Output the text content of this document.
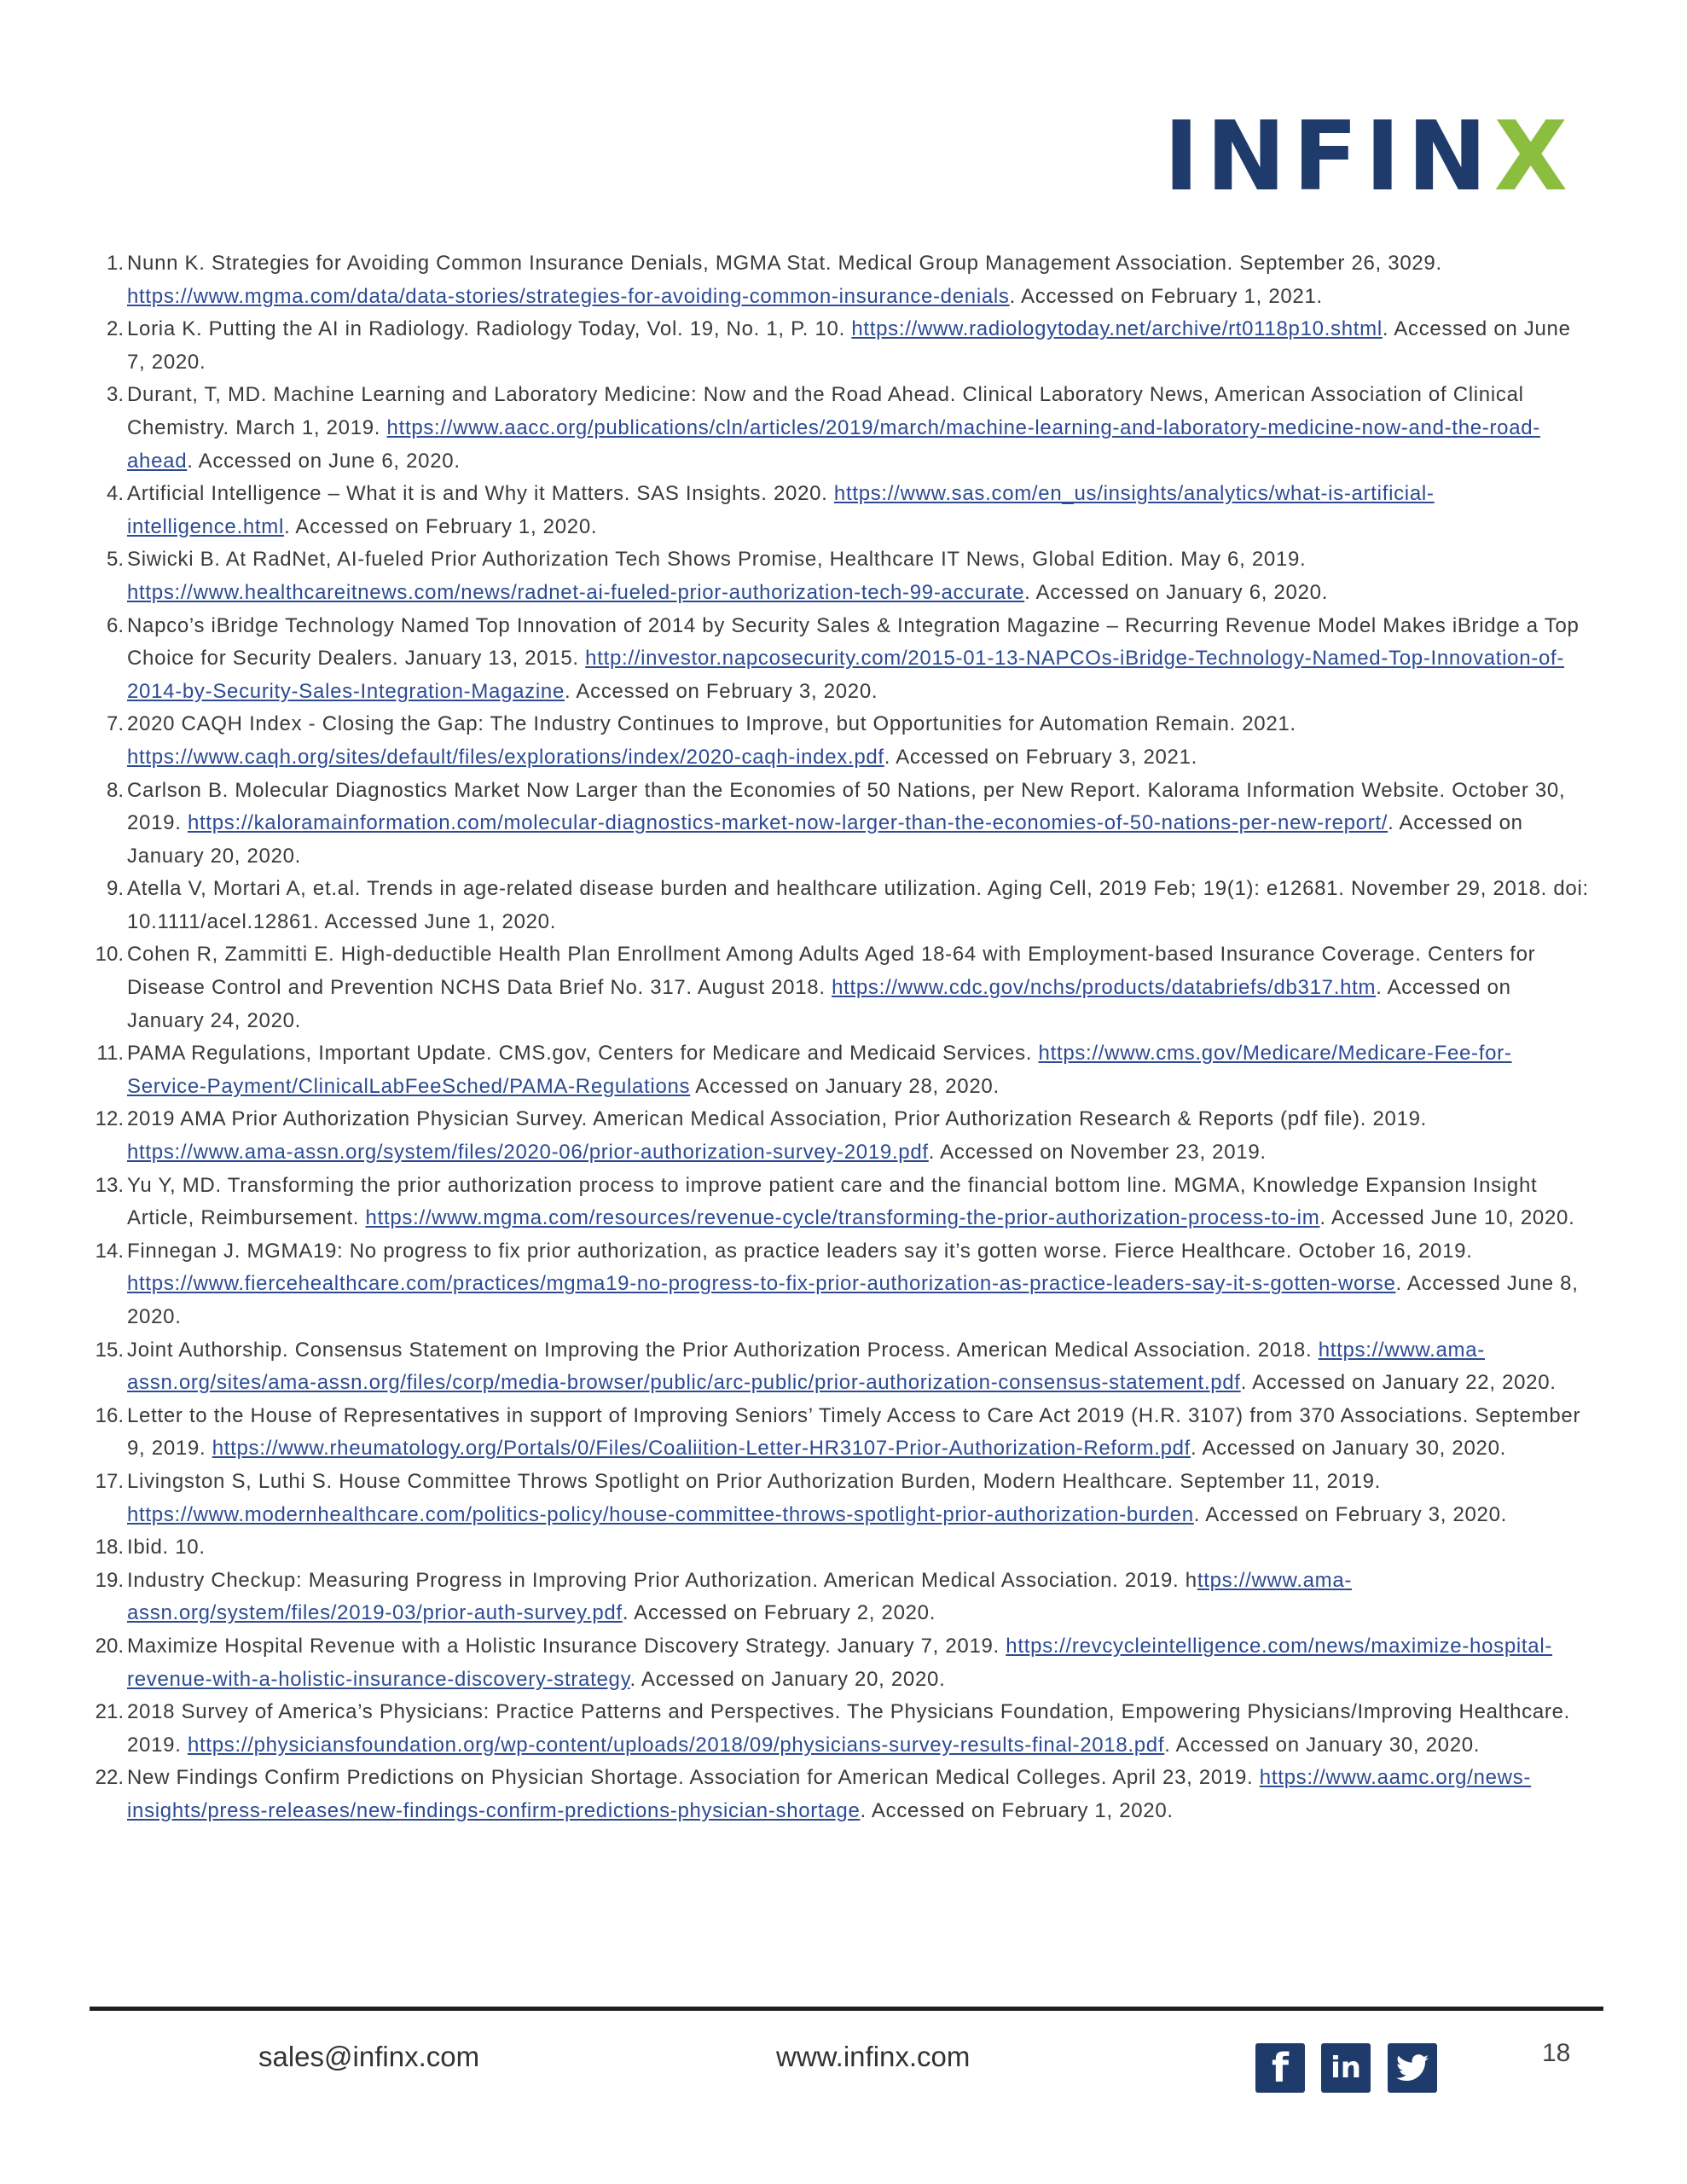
INFINX
1. Nunn K. Strategies for Avoiding Common Insurance Denials, MGMA Stat. Medical Group Management Association. September 26, 3029. https://www.mgma.com/data/data-stories/strategies-for-avoiding-common-insurance-denials. Accessed on February 1, 2021.
2. Loria K. Putting the AI in Radiology. Radiology Today, Vol. 19, No. 1, P. 10. https://www.radiologytoday.net/archive/rt0118p10.shtml. Accessed on June 7, 2020.
3. Durant, T, MD. Machine Learning and Laboratory Medicine: Now and the Road Ahead. Clinical Laboratory News, American Association of Clinical Chemistry. March 1, 2019. https://www.aacc.org/publications/cln/articles/2019/march/machine-learning-and-laboratory-medicine-now-and-the-road-ahead. Accessed on June 6, 2020.
4. Artificial Intelligence – What it is and Why it Matters. SAS Insights. 2020. https://www.sas.com/en_us/insights/analytics/what-is-artificial-intelligence.html. Accessed on February 1, 2020.
5. Siwicki B. At RadNet, AI-fueled Prior Authorization Tech Shows Promise, Healthcare IT News, Global Edition. May 6, 2019. https://www.healthcareitnews.com/news/radnet-ai-fueled-prior-authorization-tech-99-accurate. Accessed on January 6, 2020.
6. Napco’s iBridge Technology Named Top Innovation of 2014 by Security Sales & Integration Magazine – Recurring Revenue Model Makes iBridge a Top Choice for Security Dealers. January 13, 2015. http://investor.napcosecurity.com/2015-01-13-NAPCOs-iBridge-Technology-Named-Top-Innovation-of-2014-by-Security-Sales-Integration-Magazine. Accessed on February 3, 2020.
7. 2020 CAQH Index - Closing the Gap: The Industry Continues to Improve, but Opportunities for Automation Remain. 2021. https://www.caqh.org/sites/default/files/explorations/index/2020-caqh-index.pdf. Accessed on February 3, 2021.
8. Carlson B. Molecular Diagnostics Market Now Larger than the Economies of 50 Nations, per New Report. Kalorama Information Website. October 30, 2019. https://kaloramainformation.com/molecular-diagnostics-market-now-larger-than-the-economies-of-50-nations-per-new-report/. Accessed on January 20, 2020.
9. Atella V, Mortari A, et.al. Trends in age-related disease burden and healthcare utilization. Aging Cell, 2019 Feb; 19(1): e12681. November 29, 2018. doi: 10.1111/acel.12861. Accessed June 1, 2020.
10. Cohen R, Zammitti E. High-deductible Health Plan Enrollment Among Adults Aged 18-64 with Employment-based Insurance Coverage. Centers for Disease Control and Prevention NCHS Data Brief No. 317. August 2018. https://www.cdc.gov/nchs/products/databriefs/db317.htm. Accessed on January 24, 2020.
11. PAMA Regulations, Important Update. CMS.gov, Centers for Medicare and Medicaid Services. https://www.cms.gov/Medicare/Medicare-Fee-for-Service-Payment/ClinicalLabFeeSched/PAMA-Regulations Accessed on January 28, 2020.
12. 2019 AMA Prior Authorization Physician Survey. American Medical Association, Prior Authorization Research & Reports (pdf file). 2019. https://www.ama-assn.org/system/files/2020-06/prior-authorization-survey-2019.pdf. Accessed on November 23, 2019.
13. Yu Y, MD. Transforming the prior authorization process to improve patient care and the financial bottom line. MGMA, Knowledge Expansion Insight Article, Reimbursement. https://www.mgma.com/resources/revenue-cycle/transforming-the-prior-authorization-process-to-im. Accessed June 10, 2020.
14. Finnegan J. MGMA19: No progress to fix prior authorization, as practice leaders say it’s gotten worse. Fierce Healthcare. October 16, 2019. https://www.fiercehealthcare.com/practices/mgma19-no-progress-to-fix-prior-authorization-as-practice-leaders-say-it-s-gotten-worse. Accessed June 8, 2020.
15. Joint Authorship. Consensus Statement on Improving the Prior Authorization Process. American Medical Association. 2018. https://www.ama-assn.org/sites/ama-assn.org/files/corp/media-browser/public/arc-public/prior-authorization-consensus-statement.pdf. Accessed on January 22, 2020.
16. Letter to the House of Representatives in support of Improving Seniors’ Timely Access to Care Act 2019 (H.R. 3107) from 370 Associations. September 9, 2019. https://www.rheumatology.org/Portals/0/Files/Coaliition-Letter-HR3107-Prior-Authorization-Reform.pdf. Accessed on January 30, 2020.
17. Livingston S, Luthi S. House Committee Throws Spotlight on Prior Authorization Burden, Modern Healthcare. September 11, 2019. https://www.modernhealthcare.com/politics-policy/house-committee-throws-spotlight-prior-authorization-burden. Accessed on February 3, 2020.
18. Ibid. 10.
19. Industry Checkup: Measuring Progress in Improving Prior Authorization. American Medical Association. 2019. https://www.ama-assn.org/system/files/2019-03/prior-auth-survey.pdf. Accessed on February 2, 2020.
20. Maximize Hospital Revenue with a Holistic Insurance Discovery Strategy. January 7, 2019. https://revcycleintelligence.com/news/maximize-hospital-revenue-with-a-holistic-insurance-discovery-strategy. Accessed on January 20, 2020.
21. 2018 Survey of America’s Physicians: Practice Patterns and Perspectives. The Physicians Foundation, Empowering Physicians/Improving Healthcare. 2019. https://physiciansfoundation.org/wp-content/uploads/2018/09/physicians-survey-results-final-2018.pdf. Accessed on January 30, 2020.
22. New Findings Confirm Predictions on Physician Shortage. Association for American Medical Colleges. April 23, 2019. https://www.aamc.org/news-insights/press-releases/new-findings-confirm-predictions-physician-shortage. Accessed on February 1, 2020.
sales@infinx.com	www.infinx.com	f	in	18
